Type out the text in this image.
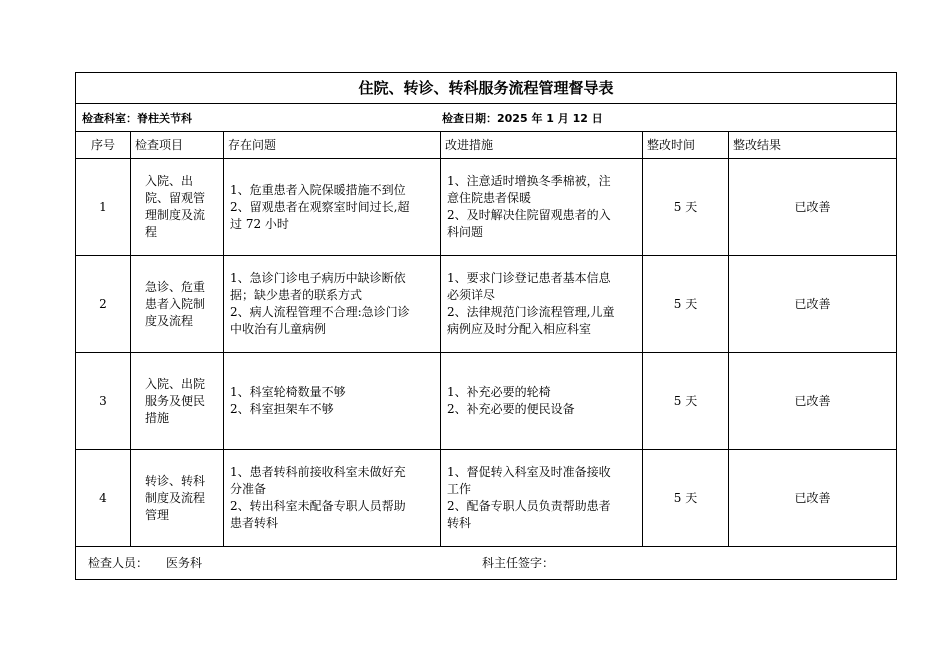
住院、转诊、转科服务流程管理督导表					

检查科室：脊柱关节科 检查日期：2025 年 1 月 12 日					

序号	检查项目	存在问题	改进措施	整改时间	整改结果
1	入院、出
院、留观管
理制度及流
程	1、危重患者入院保暖措施不到位
2、留观患者在观察室时间过长,超
过 72 小时	1、注意适时增换冬季棉被，注
意住院患者保暖
2、及时解决住院留观患者的入
科问题	5 天	已改善
2	急诊、危重
患者入院制
度及流程	1、急诊门诊电子病历中缺诊断依
据；缺少患者的联系方式
2、病人流程管理不合理:急诊门诊
中收治有儿童病例	1、要求门诊登记患者基本信息
必须详尽
2、法律规范门诊流程管理,儿童
病例应及时分配入相应科室	5 天	已改善
3	入院、出院
服务及便民
措施	1、科室轮椅数量不够
2、科室担架车不够	1、补充必要的轮椅
2、补充必要的便民设备	5 天	已改善
4	转诊、转科
制度及流程
管理	1、患者转科前接收科室未做好充
分准备
2、转出科室未配备专职人员帮助
患者转科	1、督促转入科室及时准备接收
工作
2、配备专职人员负责帮助患者
转科	5 天	已改善

检查人员： 医务科 科主任签字：					
